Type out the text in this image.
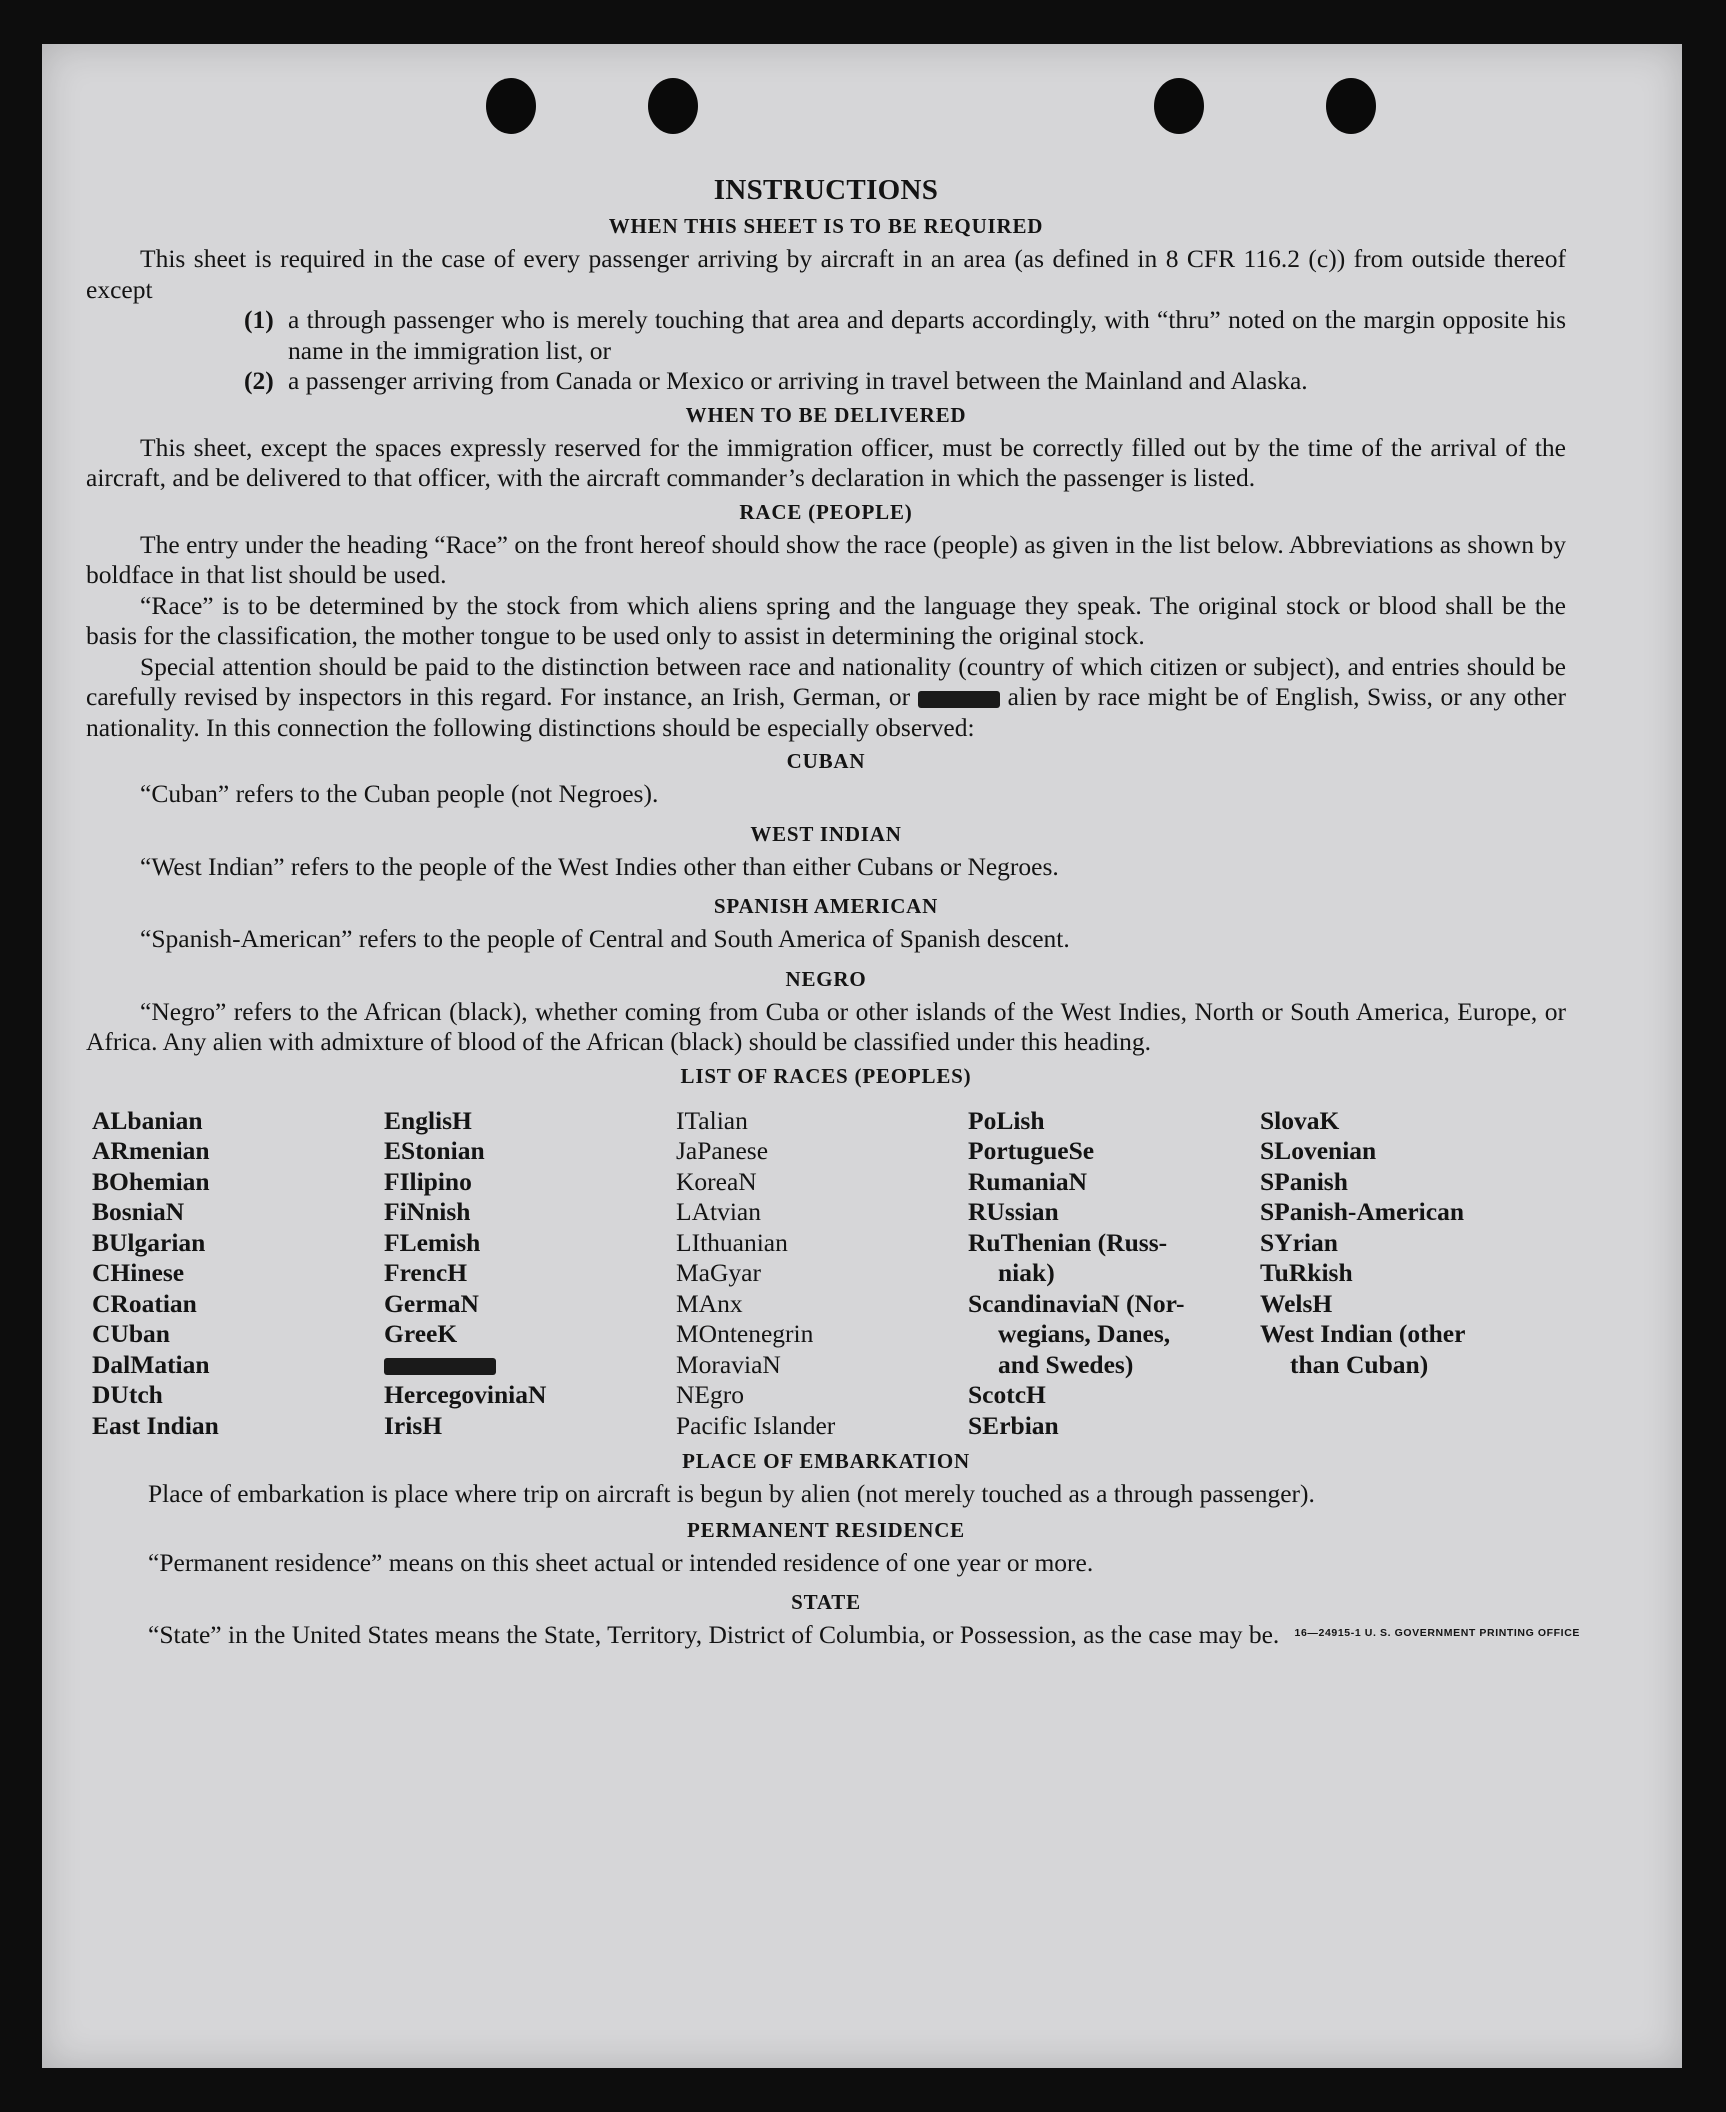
INSTRUCTIONS
WHEN THIS SHEET IS TO BE REQUIRED

This sheet is required in the case of every passenger arriving by aircraft in an area (as defined in 8 CFR 116.2 (c)) from outside thereof except

(1) a through passenger who is merely touching that area and departs accordingly, with “thru” noted on the margin opposite his name in the immigration list, or
(2) a passenger arriving from Canada or Mexico or arriving in travel between the Mainland and Alaska.
WHEN TO BE DELIVERED

This sheet, except the spaces expressly reserved for the immigration officer, must be correctly filled out by the time of the arrival of the aircraft, and be delivered to that officer, with the aircraft commander’s declaration in which the passenger is listed.

RACE (PEOPLE)

The entry under the heading “Race” on the front hereof should show the race (people) as given in the list below. Abbreviations as shown by boldface in that list should be used.

“Race” is to be determined by the stock from which aliens spring and the language they speak. The original stock or blood shall be the basis for the classification, the mother tongue to be used only to assist in determining the original stock.

Special attention should be paid to the distinction between race and nationality (country of which citizen or subject), and entries should be carefully revised by inspectors in this regard. For instance, an Irish, German, or	alien by race might be of English, Swiss, or any other nationality. In this connection the following distinctions should be especially observed:

CUBAN

“Cuban” refers to the Cuban people (not Negroes).

WEST INDIAN

“West Indian” refers to the people of the West Indies other than either Cubans or Negroes.

SPANISH AMERICAN

“Spanish-American” refers to the people of Central and South America of Spanish descent.

NEGRO

“Negro” refers to the African (black), whether coming from Cuba or other islands of the West Indies, North or South America, Europe, or Africa. Any alien with admixture of blood of the African (black) should be classified under this heading.

LIST OF RACES (PEOPLES)
ALbanian
ARmenian
BOhemian
BosniaN
BUlgarian
CHinese
CRoatian
CUban
DalMatian
DUtch
East Indian
EnglisH
EStonian
FIlipino
FiNnish
FLemish
FrencH
GermaN
GreeK
HercegoviniaN
IrisH
ITalian
JaPanese
KoreaN
LAtvian
LIthuanian
MaGyar
MAnx
MOntenegrin
MoraviaN
NEgro
Pacific Islander
PoLish
PortugueSe
RumaniaN
RUssian
RuThenian (Russ-
niak)
ScandinaviaN (Nor-
wegians, Danes,
and Swedes)
ScotcH
SErbian
SlovaK
SLovenian
SPanish
SPanish-American
SYrian
TuRkish
WelsH
West Indian (other
than Cuban)
PLACE OF EMBARKATION

Place of embarkation is place where trip on aircraft is begun by alien (not merely touched as a through passenger).

PERMANENT RESIDENCE

“Permanent residence” means on this sheet actual or intended residence of one year or more.

STATE

“State” in the United States means the State, Territory, District of Columbia, or Possession, as the case may be.	16—24915-1 U. S. GOVERNMENT PRINTING OFFICE
